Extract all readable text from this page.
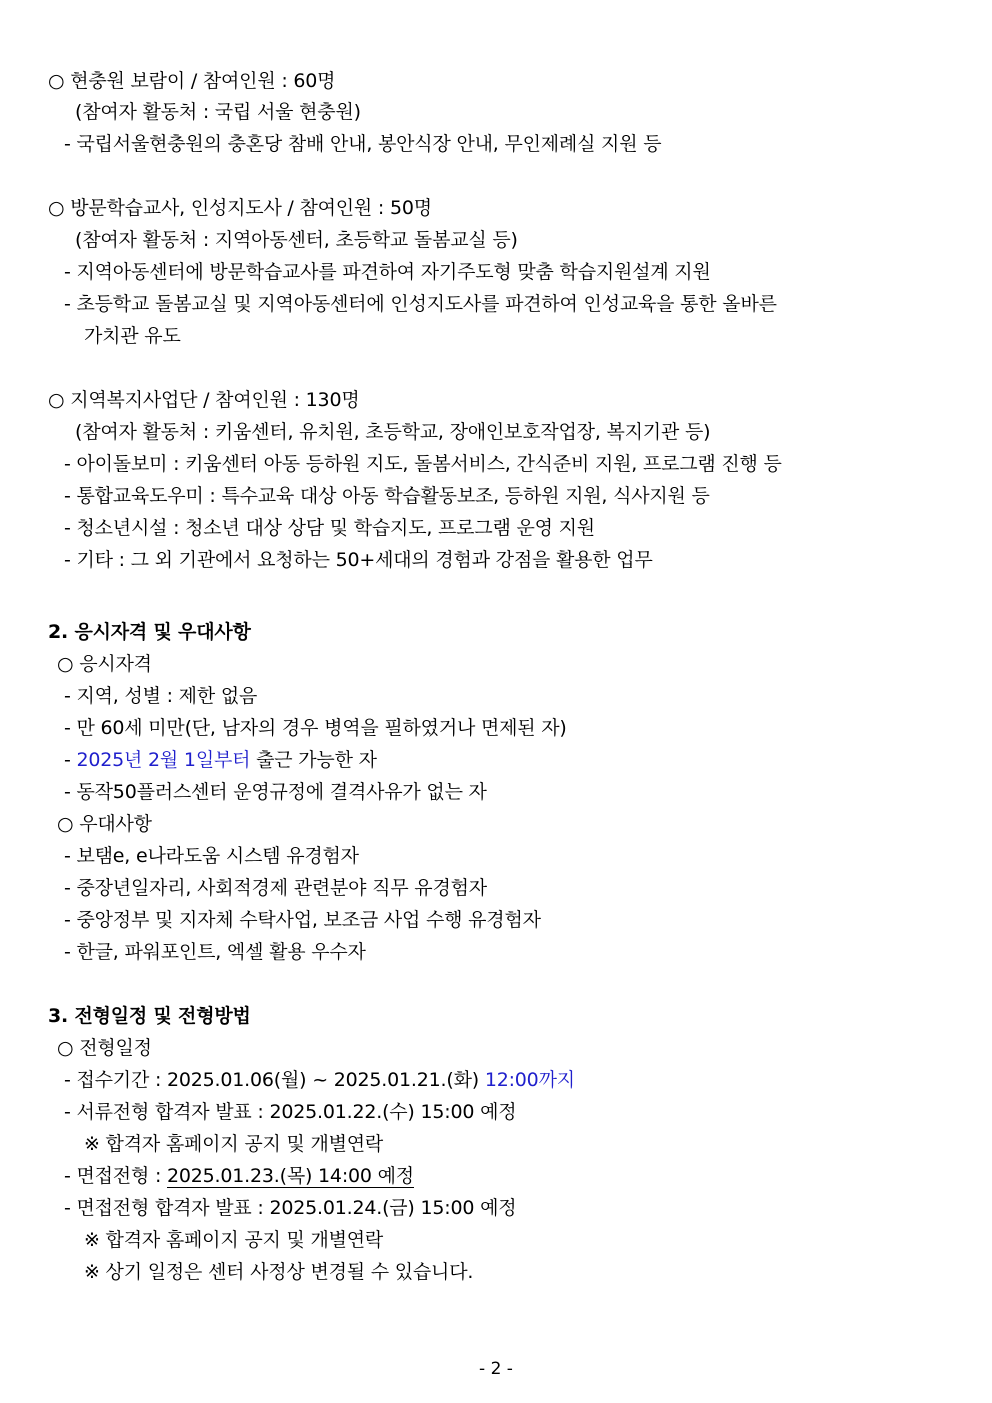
○ 현충원 보람이 / 참여인원 : 60명
(참여자 활동처 : 국립 서울 현충원)
- 국립서울현충원의 충혼당 참배 안내, 봉안식장 안내, 무인제례실 지원 등
○ 방문학습교사, 인성지도사 / 참여인원 : 50명
(참여자 활동처 : 지역아동센터, 초등학교 돌봄교실 등)
- 지역아동센터에 방문학습교사를 파견하여 자기주도형 맞춤 학습지원설계 지원
- 초등학교 돌봄교실 및 지역아동센터에 인성지도사를 파견하여 인성교육을 통한 올바른
가치관 유도
○ 지역복지사업단 / 참여인원 : 130명
(참여자 활동처 : 키움센터, 유치원, 초등학교, 장애인보호작업장, 복지기관 등)
- 아이돌보미 : 키움센터 아동 등하원 지도, 돌봄서비스, 간식준비 지원, 프로그램 진행 등
- 통합교육도우미 : 특수교육 대상 아동 학습활동보조, 등하원 지원, 식사지원 등
- 청소년시설 : 청소년 대상 상담 및 학습지도, 프로그램 운영 지원
- 기타 : 그 외 기관에서 요청하는 50+세대의 경험과 강점을 활용한 업무
2. 응시자격 및 우대사항
○ 응시자격
- 지역, 성별 : 제한 없음
- 만 60세 미만(단, 남자의 경우 병역을 필하였거나 면제된 자)
- 2025년 2월 1일부터 출근 가능한 자
- 동작50플러스센터 운영규정에 결격사유가 없는 자
○ 우대사항
- 보탬e, e나라도움 시스템 유경험자
- 중장년일자리, 사회적경제 관련분야 직무 유경험자
- 중앙정부 및 지자체 수탁사업, 보조금 사업 수행 유경험자
- 한글, 파워포인트, 엑셀 활용 우수자
3. 전형일정 및 전형방법
○ 전형일정
- 접수기간 : 2025.01.06(월) ~ 2025.01.21.(화) 12:00까지
- 서류전형 합격자 발표 : 2025.01.22.(수) 15:00 예정
※ 합격자 홈페이지 공지 및 개별연락
- 면접전형 : 2025.01.23.(목) 14:00 예정
- 면접전형 합격자 발표 : 2025.01.24.(금) 15:00 예정
※ 합격자 홈페이지 공지 및 개별연락
※ 상기 일정은 센터 사정상 변경될 수 있습니다.
- 2 -
